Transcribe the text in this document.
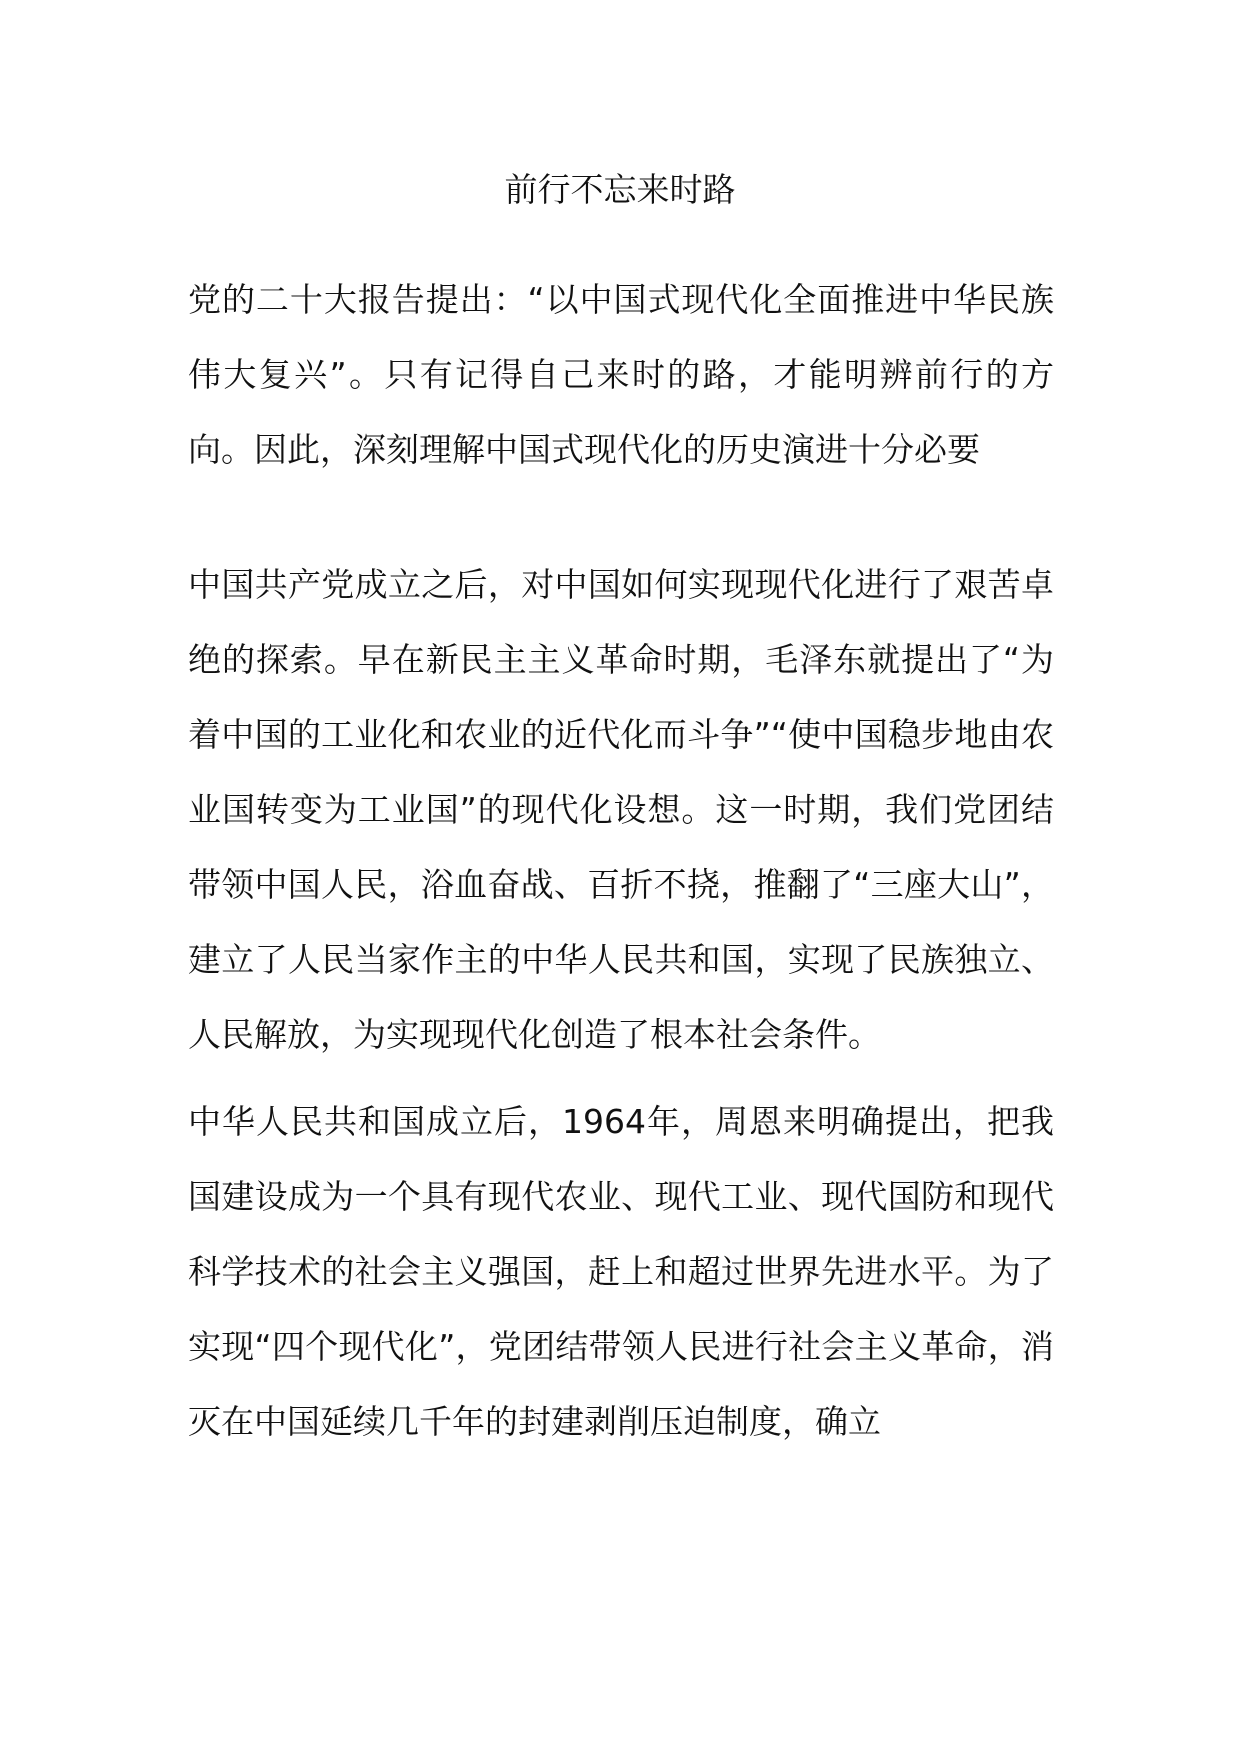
前行不忘来时路

党的二十大报告提出：“以中国式现代化全面推进中华民族伟大复兴”。只有记得自己来时的路，才能明辨前行的方向。因此，深刻理解中国式现代化的历史演进十分必要

中国共产党成立之后，对中国如何实现现代化进行了艰苦卓绝的探索。早在新民主主义革命时期，毛泽东就提出了“为着中国的工业化和农业的近代化而斗争”“使中国稳步地由农业国转变为工业国”的现代化设想。这一时期，我们党团结带领中国人民，浴血奋战、百折不挠，推翻了“三座大山”，建立了人民当家作主的中华人民共和国，实现了民族独立、人民解放，为实现现代化创造了根本社会条件。

中华人民共和国成立后，1964年，周恩来明确提出，把我国建设成为一个具有现代农业、现代工业、现代国防和现代科学技术的社会主义强国，赶上和超过世界先进水平。为了实现“四个现代化”，党团结带领人民进行社会主义革命，消灭在中国延续几千年的封建剥削压迫制度，确立
